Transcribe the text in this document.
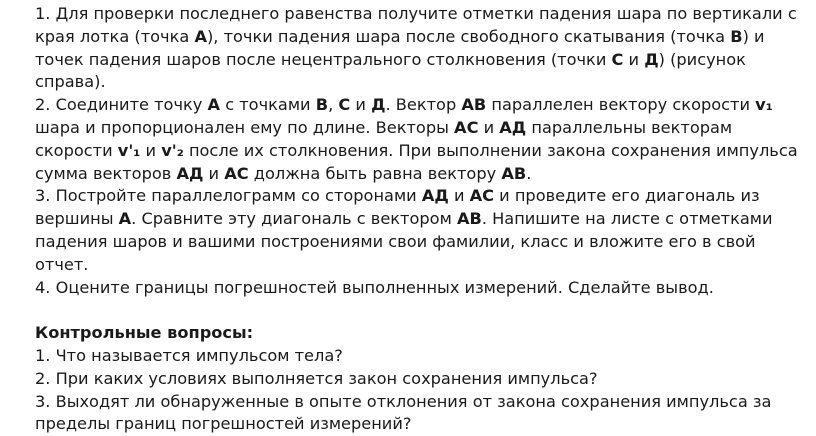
1. Для проверки последнего равенства получите отметки падения шара по вертикали с края лотка (точка А), точки падения шара после свободного скатывания (точка В) и точек падения шаров после нецентрального столкновения (точки С и Д) (рисунок справа).

2. Соедините точку А с точками В, С и Д. Вектор АВ параллелен вектору скорости v₁ шара и пропорционален ему по длине. Векторы АС и АД параллельны векторам скорости v'₁ и v'₂ после их столкновения. При выполнении закона сохранения импульса сумма векторов АД и АС должна быть равна вектору АВ.

3. Постройте параллелограмм со сторонами АД и АС и проведите его диагональ из вершины А. Сравните эту диагональ с вектором АВ. Напишите на листе с отметками падения шаров и вашими построениями свои фамилии, класс и вложите его в свой отчет.

4. Оцените границы погрешностей выполненных измерений. Сделайте вывод.

Контрольные вопросы:

1. Что называется импульсом тела?

2. При каких условиях выполняется закон сохранения импульса?

3. Выходят ли обнаруженные в опыте отклонения от закона сохранения импульса за пределы границ погрешностей измерений?
